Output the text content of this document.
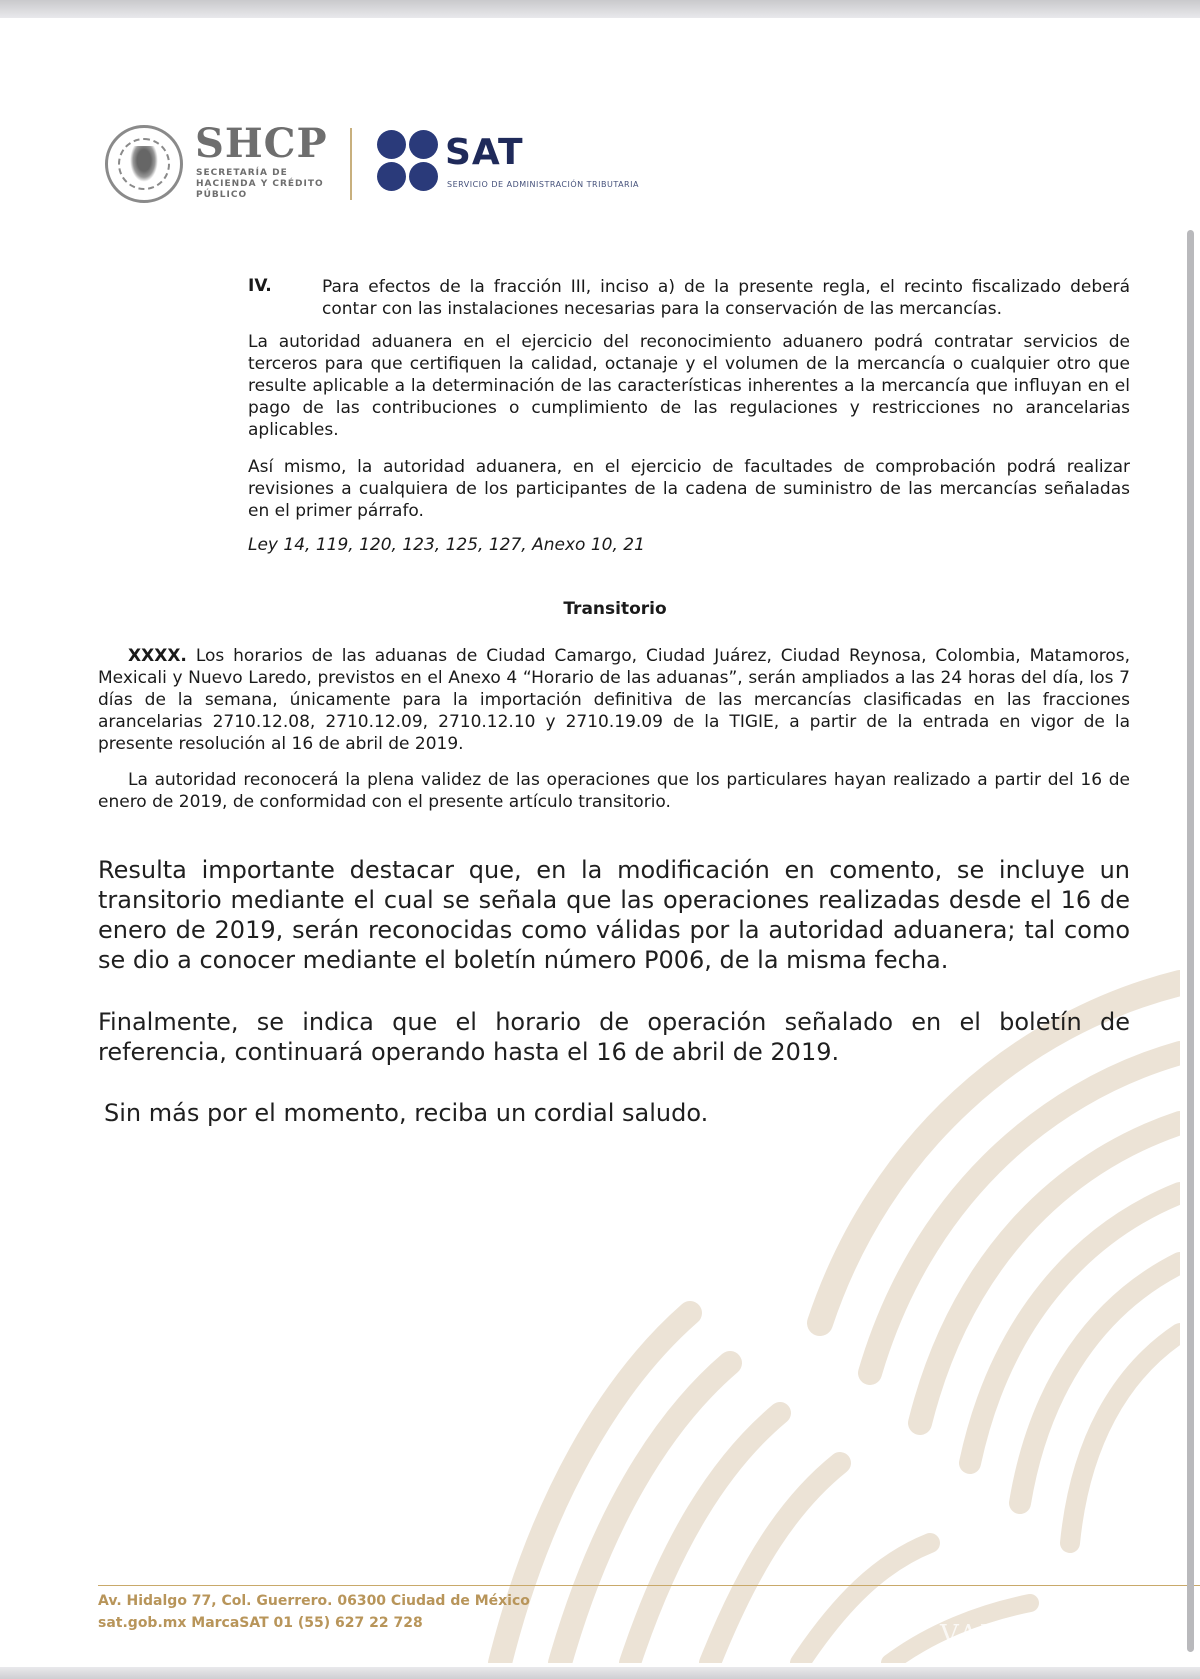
SHCP
SECRETARÍA DE HACIENDA Y CRÉDITO PÚBLICO
SAT
SERVICIO DE ADMINISTRACIÓN TRIBUTARIA
IV.	Para efectos de la fracción III, inciso a) de la presente regla, el recinto fiscalizado deberá contar con las instalaciones necesarias para la conservación de las mercancías.

La autoridad aduanera en el ejercicio del reconocimiento aduanero podrá contratar servicios de terceros para que certifiquen la calidad, octanaje y el volumen de la mercancía o cualquier otro que resulte aplicable a la determinación de las características inherentes a la mercancía que influyan en el pago de las contribuciones o cumplimiento de las regulaciones y restricciones no arancelarias aplicables.

Así mismo, la autoridad aduanera, en el ejercicio de facultades de comprobación podrá realizar revisiones a cualquiera de los participantes de la cadena de suministro de las mercancías señaladas en el primer párrafo.

Ley 14, 119, 120, 123, 125, 127, Anexo 10, 21

Transitorio

XXXX. Los horarios de las aduanas de Ciudad Camargo, Ciudad Juárez, Ciudad Reynosa, Colombia, Matamoros, Mexicali y Nuevo Laredo, previstos en el Anexo 4 “Horario de las aduanas”, serán ampliados a las 24 horas del día, los 7 días de la semana, únicamente para la importación definitiva de las mercancías clasificadas en las fracciones arancelarias 2710.12.08, 2710.12.09, 2710.12.10 y 2710.19.09 de la TIGIE, a partir de la entrada en vigor de la presente resolución al 16 de abril de 2019.

La autoridad reconocerá la plena validez de las operaciones que los particulares hayan realizado a partir del 16 de enero de 2019, de conformidad con el presente artículo transitorio.

Resulta importante destacar que, en la modificación en comento, se incluye un transitorio mediante el cual se señala que las operaciones realizadas desde el 16 de enero de 2019, serán reconocidas como válidas por la autoridad aduanera; tal como se dio a conocer mediante el boletín número P006, de la misma fecha.

Finalmente, se indica que el horario de operación señalado en el boletín de referencia, continuará operando hasta el 16 de abril de 2019.

Sin más por el momento, reciba un cordial saludo.

Av. Hidalgo 77, Col. Guerrero. 06300 Ciudad de México
sat.gob.mx MarcaSAT 01 (55) 627 22 728	VANGUARD
